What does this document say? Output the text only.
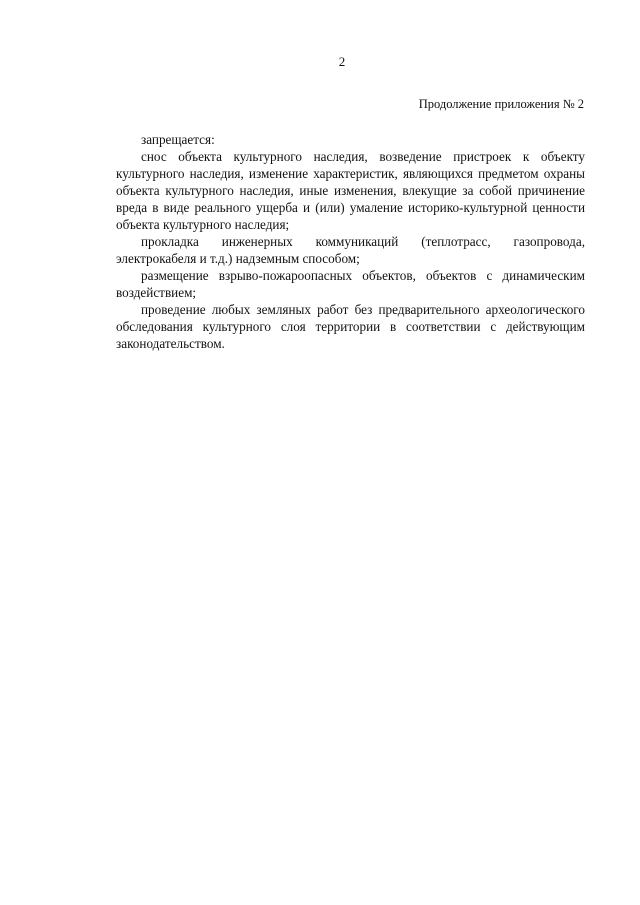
2
Продолжение приложения № 2

запрещается:

снос объекта культурного наследия, возведение пристроек к объекту культурного наследия, изменение характеристик, являющихся предметом охраны объекта культурного наследия, иные изменения, влекущие за собой причинение вреда в виде реального ущерба и (или) умаление историко-культурной ценности объекта культурного наследия;

прокладка инженерных коммуникаций (теплотрасс, газопровода, электрокабеля и т.д.) надземным способом;

размещение взрыво-пожароопасных объектов, объектов с динамическим воздействием;

проведение любых земляных работ без предварительного археологического обследования культурного слоя территории в соответствии с действующим законодательством.
